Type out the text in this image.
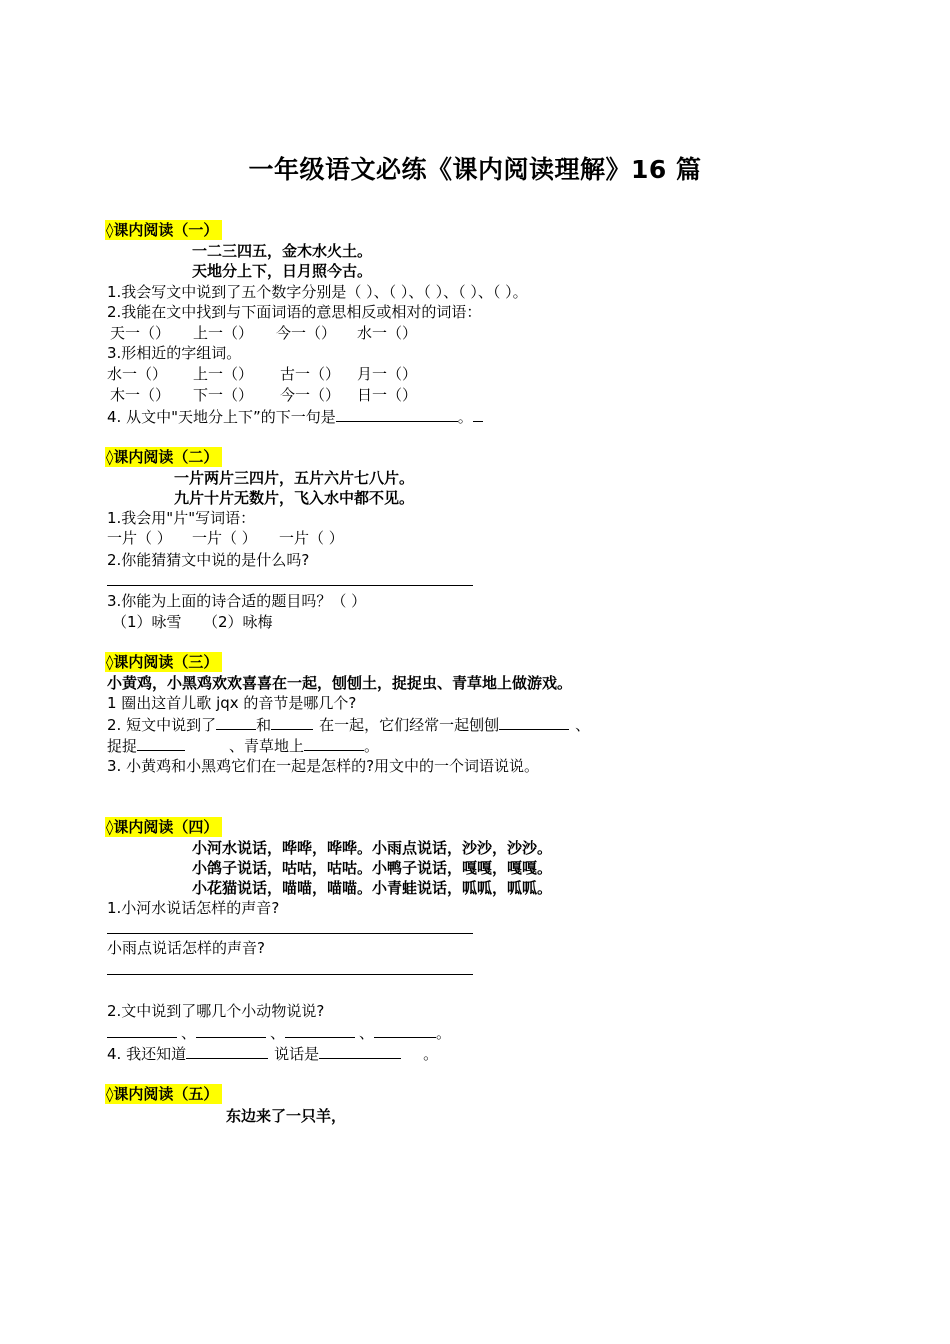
一年级语文必练《课内阅读理解》16 篇
◊课内阅读（一）
一二三四五，金木水火土。
天地分上下，日月照今古。
1.我会写文中说到了五个数字分别是（ ）、（ ）、（ ）、（ ）、（ ）。
2.我能在文中找到与下面词语的意思相反或相对的词语：
天一（） 上一（） 今一（） 水一（）
3.形相近的字组词。
水一（） 上一（） 古一（） 月一（）
木一（） 下一（） 今一（） 日一（）
4. 从文中"天地分上下”的下一句是	。
◊课内阅读（二）
一片两片三四片，五片六片七八片。
九片十片无数片，飞入水中都不见。
1.我会用"片"写词语：
一片（ ） 一片（ ） 一片（ ）
2.你能猜猜文中说的是什么吗?
3.你能为上面的诗合适的题目吗？（ ）
（1）咏雪 （2）咏梅
◊课内阅读（三）
小黄鸡，小黑鸡欢欢喜喜在一起，刨刨土，捉捉虫、青草地上做游戏。
1 圈出这首儿歌 jqx 的音节是哪几个?
2. 短文中说到了	和	在一起，它们经常一起刨刨	、
捉捉	、青草地上	。
3. 小黄鸡和小黑鸡它们在一起是怎样的?用文中的一个词语说说。
◊课内阅读（四）
小河水说话，哗哗，哗哗。小雨点说话，沙沙，沙沙。
小鸽子说话，咕咕，咕咕。小鸭子说话，嘎嘎，嘎嘎。
小花猫说话，喵喵，喵喵。小青蛙说话，呱呱，呱呱。
1.小河水说话怎样的声音?
小雨点说话怎样的声音?
2.文中说到了哪几个小动物说说?
、	、	、	。
4. 我还知道	说话是	。
◊课内阅读（五）
东边来了一只羊，
